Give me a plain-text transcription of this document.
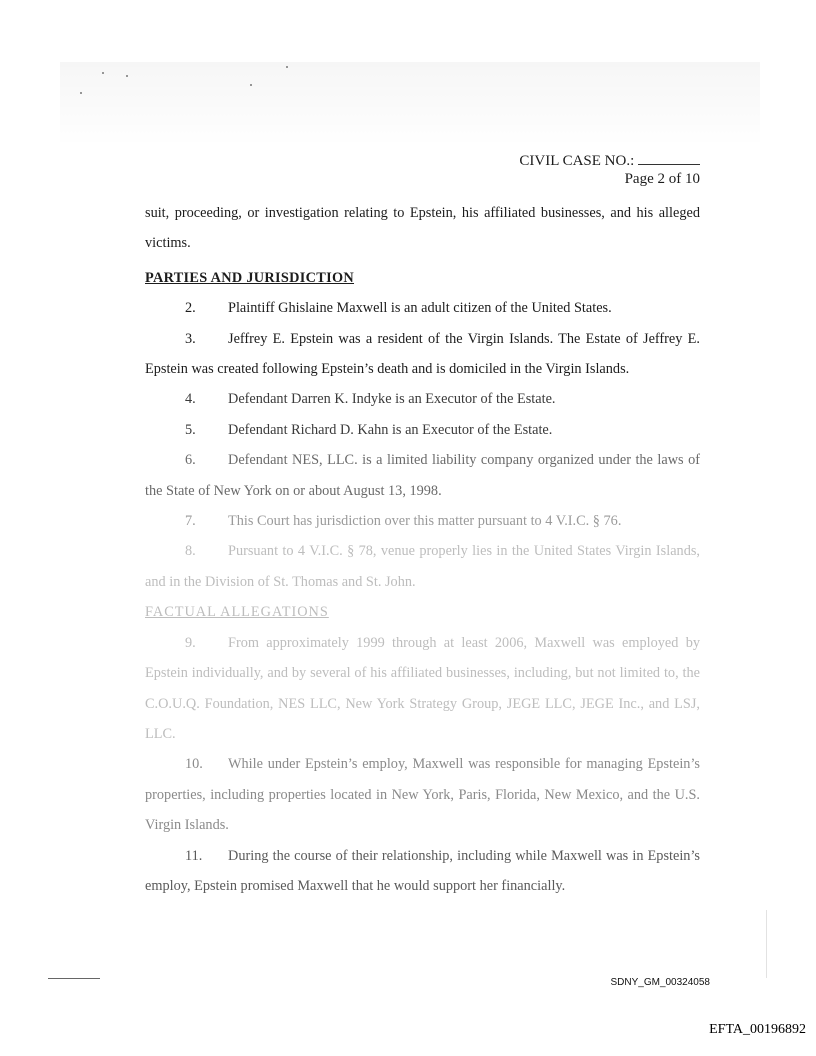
CIVIL CASE NO.:
Page 2 of 10

suit, proceeding, or investigation relating to Epstein, his affiliated businesses, and his alleged victims.

PARTIES AND JURISDICTION

2. Plaintiff Ghislaine Maxwell is an adult citizen of the United States.

3. Jeffrey E. Epstein was a resident of the Virgin Islands. The Estate of Jeffrey E. Epstein was created following Epstein’s death and is domiciled in the Virgin Islands.

4. Defendant Darren K. Indyke is an Executor of the Estate.

5. Defendant Richard D. Kahn is an Executor of the Estate.

6. Defendant NES, LLC. is a limited liability company organized under the laws of the State of New York on or about August 13, 1998.

7. This Court has jurisdiction over this matter pursuant to 4 V.I.C. § 76.

8. Pursuant to 4 V.I.C. § 78, venue properly lies in the United States Virgin Islands, and in the Division of St. Thomas and St. John.

FACTUAL ALLEGATIONS

9. From approximately 1999 through at least 2006, Maxwell was employed by Epstein individually, and by several of his affiliated businesses, including, but not limited to, the C.O.U.Q. Foundation, NES LLC, New York Strategy Group, JEGE LLC, JEGE Inc., and LSJ, LLC.

10. While under Epstein’s employ, Maxwell was responsible for managing Epstein’s properties, including properties located in New York, Paris, Florida, New Mexico, and the U.S. Virgin Islands.

11. During the course of their relationship, including while Maxwell was in Epstein’s employ, Epstein promised Maxwell that he would support her financially.

SDNY_GM_00324058
EFTA_00196892
